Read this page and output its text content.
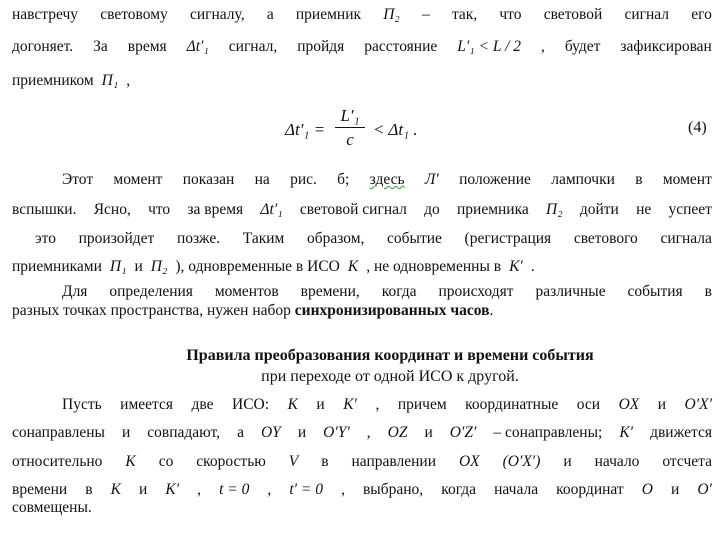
навстречу световому сигналу, а приемник П₂ – так, что световой сигнал его
догоняет. За время Δt′₁ сигнал, пройдя расстояние L′₁ < L / 2 , будет зафиксирован
приемником П₁ ,
$\Delta t'_1 = \frac{\text{L′₁}}{c} < \Delta t_1$ .	(4)
Этот момент показан на рис. б; здесь Л′ положение лампочки в момент
вспышки. Ясно, что за время Δt′₁ световой сигнал до приемника П₂ дойти не успеет
это произойдет позже. Таким образом, событие (регистрация светового сигнала
приемниками П₁ и П₂ ), одновременные в ИСО K , не одновременны в K′ .
Для определения моментов времени, когда происходят различные события в
разных точках пространства, нужен набор синхронизированных часов .
Правила преобразования координат и времени события
при переходе от одной ИСО к другой.
Пусть имеется две ИСО: K и K′ , причем координатные оси OX и O′X′
сонаправлены и совпадают, а OY и O′Y′ , OZ и O′Z′ – сонаправлены; K′ движется
относительно K со скоростью V в направлении OX (O′X′) и начало отсчета
времени в K и K′ , t = 0 , t′ = 0 , выбрано, когда начала координат O и O′
совмещены.
